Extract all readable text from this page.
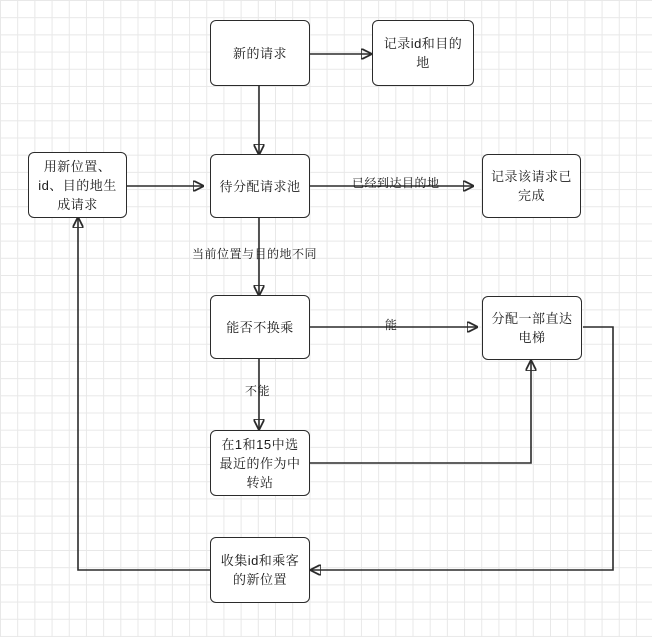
新的请求
记录id和目的地
用新位置、id、目的地生成请求
待分配请求池
记录该请求已完成
能否不换乘
分配一部直达电梯
在1和15中选最近的作为中转站
收集id和乘客的新位置
已经到达目的地
当前位置与目的地不同
能
不能
